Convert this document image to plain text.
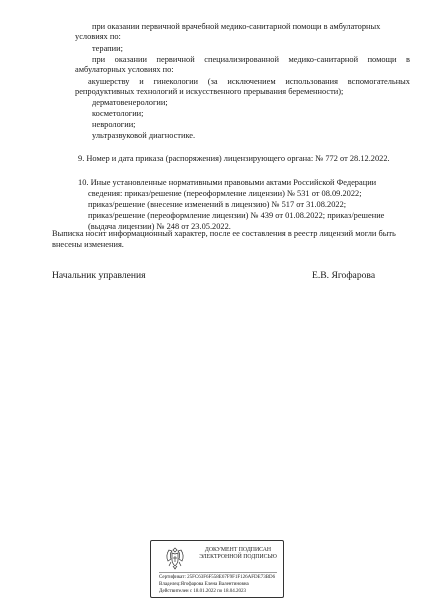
при оказании первичной врачебной медико-санитарной помощи в амбулаторных
условиях по:
терапии;
при оказании первичной специализированной медико-санитарной помощи в
амбулаторных условиях по:
акушерству и гинекологии (за исключением использования вспомогательных
репродуктивных технологий и искусственного прерывания беременности);
дерматовенерологии;
косметологии;
неврологии;
ультразвуковой диагностике.
9. Номер и дата приказа (распоряжения) лицензирующего органа: № 772 от 28.12.2022.
10. Иные установленные нормативными правовыми актами Российской Федерации
сведения: приказ/решение (переоформление лицензии) № 531 от 08.09.2022;
приказ/решение (внесение изменений в лицензию) № 517 от 31.08.2022;
приказ/решение (переоформление лицензии) № 439 от 01.08.2022; приказ/решение
(выдача лицензии) № 248 от 23.05.2022.
Выписка носит информационный характер, после ее составления в реестр лицензий могли быть
внесены изменения.
Начальник управления	Е.В. Ягофарова
ДОКУМЕНТ ПОДПИСАН
ЭЛЕКТРОННОЙ ПОДПИСЬЮ
Сертификат: 25FC63F6F558E67F9F1F126AFDE73BD6
Владелец:Ягофарова Елена Валентиновна
Действителен с 18.01.2022 по 18.04.2023
